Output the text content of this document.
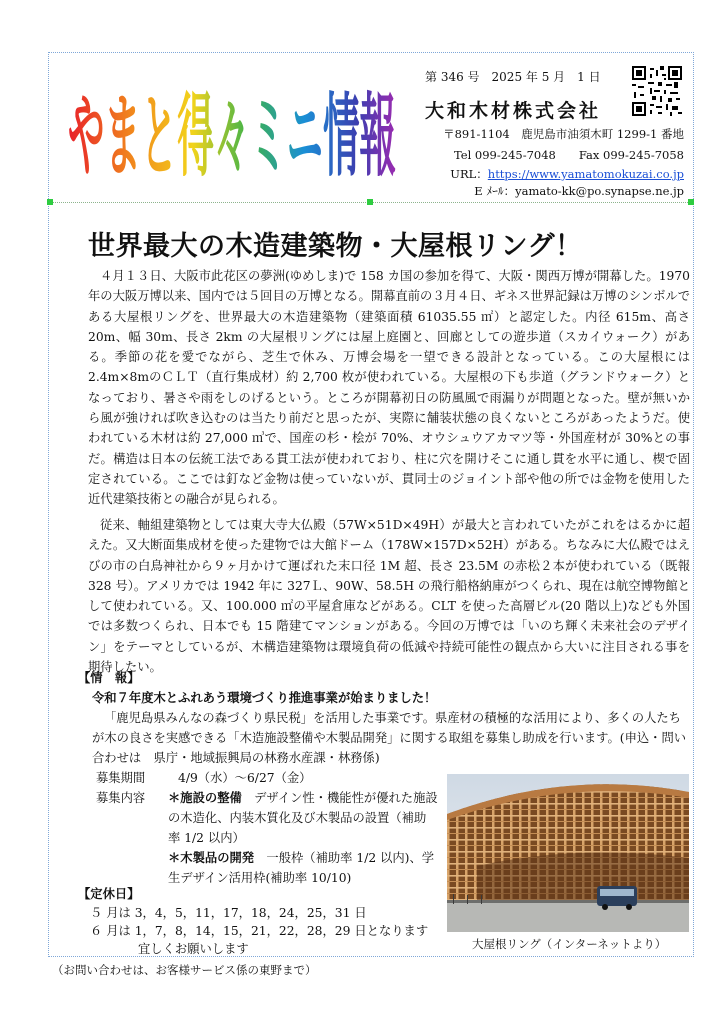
やまと得々ミニ情報
第 346 号　2025 年 5 月　1 日
大和木材株式会社
〒891-1104　鹿児島市油須木町 1299-1 番地
Tel 099-245-7048　　Fax 099-245-7058
URL：https://www.yamatomokuzai.co.jp
E ﾒｰﾙ：yamato-kk@po.synapse.ne.jp
世界最大の木造建築物・大屋根リング！
４月１３日、大阪市此花区の夢洲(ゆめしま)で 158 カ国の参加を得て、大阪・関西万博が開幕した。1970 年の大阪万博以来、国内では５回目の万博となる。開幕直前の３月４日、ギネス世界記録は万博のシンボルである大屋根リングを、世界最大の木造建築物（建築面積 61035.55 ㎡）と認定した。内径 615m、高さ 20m、幅 30m、長さ 2km の大屋根リングには屋上庭園と、回廊としての遊歩道（スカイウォーク）がある。季節の花を愛でながら、芝生で休み、万博会場を一望できる設計となっている。この大屋根には 2.4m×8mのＣＬＴ（直行集成材）約 2,700 枚が使われている。大屋根の下も歩道（グランドウォーク）となっており、暑さや雨をしのげるという。ところが開幕初日の防風風で雨漏りが問題となった。壁が無いから風が強ければ吹き込むのは当たり前だと思ったが、実際に舗装状態の良くないところがあったようだ。使われている木材は約 27,000 ㎥で、国産の杉・桧が 70%、オウシュウアカマツ等・外国産材が 30%との事だ。構造は日本の伝統工法である貫工法が使われており、柱に穴を開けそこに通し貫を水平に通し、楔で固定されている。ここでは釘など金物は使っていないが、貫同士のジョイント部や他の所では金物を使用した近代建築技術との融合が見られる。
従来、軸組建築物としては東大寺大仏殿（57W×51D×49H）が最大と言われていたがこれをはるかに超えた。又大断面集成材を使った建物では大館ドーム（178W×157D×52H）がある。ちなみに大仏殿ではえびの市の白鳥神社から９ヶ月かけて運ばれた末口径 1M 超、長さ 23.5M の赤松２本が使われている（既報 328 号）。アメリカでは 1942 年に 327Ｌ、90W、58.5H の飛行船格納庫がつくられ、現在は航空博物館として使われている。又、100.000 ㎡の平屋倉庫などがある。CLT を使った高層ビル(20 階以上)なども外国では多数つくられ、日本でも 15 階建てマンションがある。今回の万博では「いのち輝く未来社会のデザイン」をテーマとしているが、木構造建築物は環境負荷の低減や持続可能性の観点から大いに注目される事を期待したい。
【情　報】
令和７年度木とふれあう環境づくり推進事業が始まりました！
「鹿児島県みんなの森づくり県民税」を活用した事業です。県産材の積極的な活用により、多くの人たちが木の良さを実感できる「木造施設整備や木製品開発」に関する取組を募集し助成を行います。(申込・問い合わせは　県庁・地域振興局の林務水産課・林務係)
募集期間	4/9（水）～6/27（金）
募集内容 ＊施設の整備　デザイン性・機能性が優れた施設の木造化、内装木質化及び木製品の設置（補助率 1/2 以内）
＊木製品の開発　一般枠（補助率 1/2 以内)、学生デザイン活用枠(補助率 10/10)
【定休日】
５ 月は 3，4，5，11，17，18，24，25，31 日
６ 月は 1，7，8，14，15，21，22，28，29 日となります
宜しくお願いします	大屋根リング（インターネットより）
（お問い合わせは、お客様サービス係の東野まで）
